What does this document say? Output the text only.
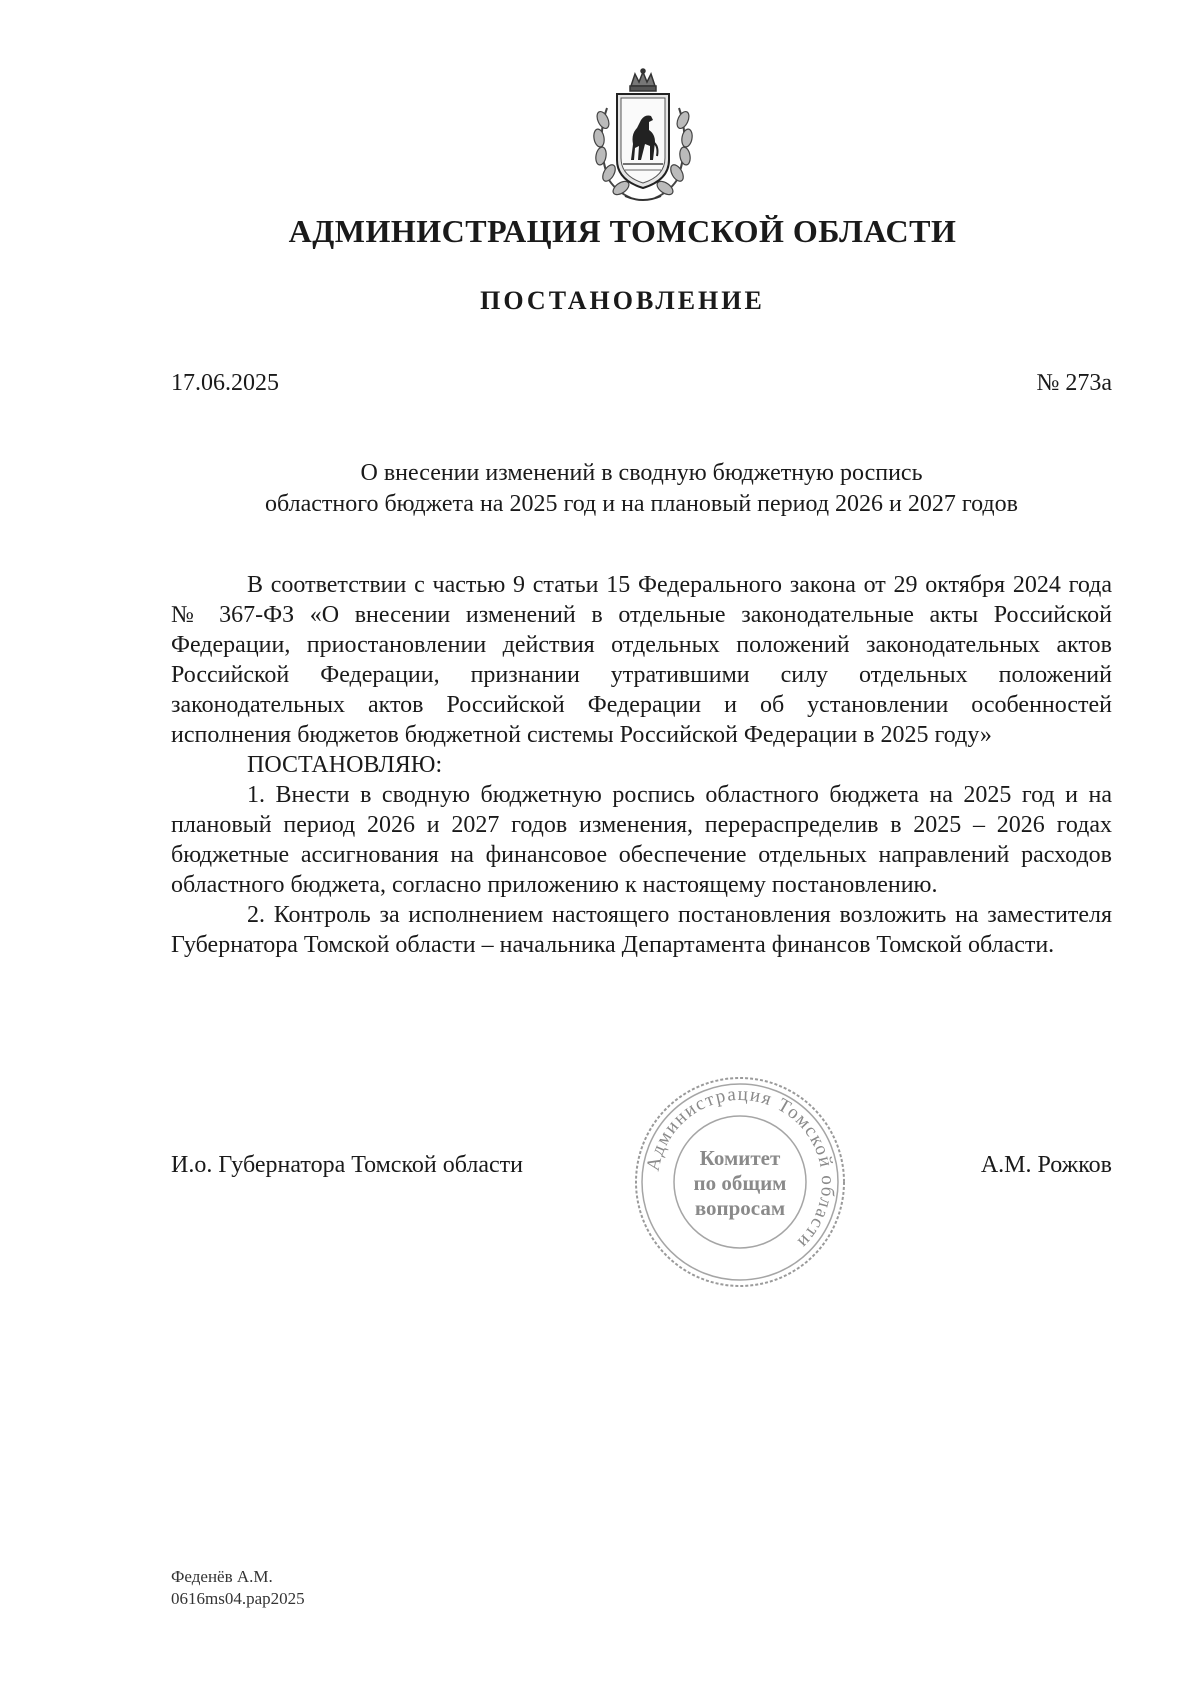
АДМИНИСТРАЦИЯ ТОМСКОЙ ОБЛАСТИ
ПОСТАНОВЛЕНИЕ
17.06.2025	№ 273а
О внесении изменений в сводную бюджетную роспись
областного бюджета на 2025 год и на плановый период 2026 и 2027 годов

В соответствии с частью 9 статьи 15 Федерального закона от 29 октября 2024 года № 367-ФЗ «О внесении изменений в отдельные законодательные акты Российской Федерации, приостановлении действия отдельных положений законодательных актов Российской Федерации, признании утратившими силу отдельных положений законодательных актов Российской Федерации и об установлении особенностей исполнения бюджетов бюджетной системы Российской Федерации в 2025 году»

ПОСТАНОВЛЯЮ:

1. Внести в сводную бюджетную роспись областного бюджета на 2025 год и на плановый период 2026 и 2027 годов изменения, перераспределив в 2025 – 2026 годах бюджетные ассигнования на финансовое обеспечение отдельных направлений расходов областного бюджета, согласно приложению к настоящему постановлению.

2. Контроль за исполнением настоящего постановления возложить на заместителя Губернатора Томской области – начальника Департамента финансов Томской области.

И.о. Губернатора Томской области	А.М. Рожков
Администрация Томской области
Комитет
по общим
вопросам
Феденёв А.М.
0616ms04.pap2025
